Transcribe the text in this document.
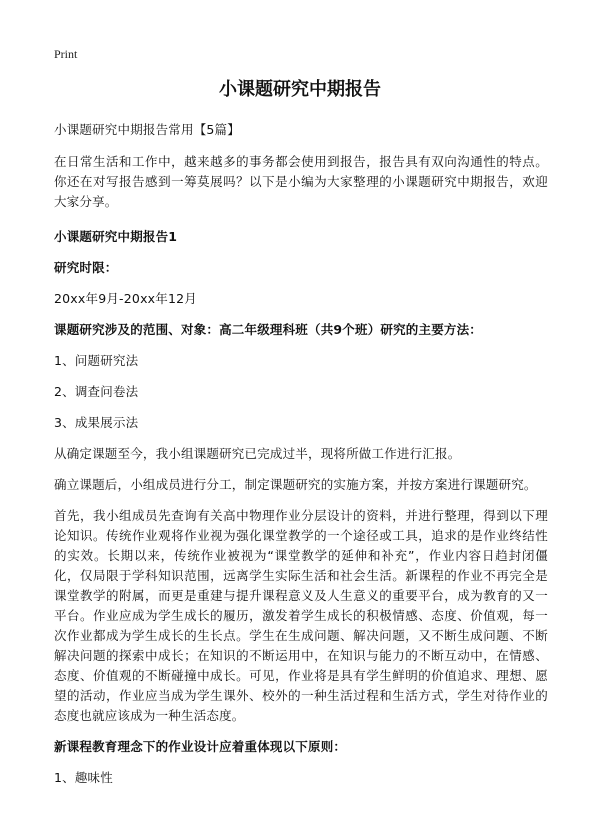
Print
小课题研究中期报告

小课题研究中期报告常用【5篇】

在日常生活和工作中，越来越多的事务都会使用到报告，报告具有双向沟通性的特点。你还在对写报告感到一筹莫展吗？以下是小编为大家整理的小课题研究中期报告，欢迎大家分享。

小课题研究中期报告1

研究时限：

20xx年9月-20xx年12月

课题研究涉及的范围、对象：高二年级理科班（共9个班）研究的主要方法：

1、问题研究法

2、调查问卷法

3、成果展示法

从确定课题至今，我小组课题研究已完成过半，现将所做工作进行汇报。

确立课题后，小组成员进行分工，制定课题研究的实施方案，并按方案进行课题研究。

首先，我小组成员先查询有关高中物理作业分层设计的资料，并进行整理，得到以下理论知识。传统作业观将作业视为强化课堂教学的一个途径或工具，追求的是作业终结性的实效。长期以来，传统作业被视为“课堂教学的延伸和补充”，作业内容日趋封闭僵化，仅局限于学科知识范围，远离学生实际生活和社会生活。新课程的作业不再完全是课堂教学的附属，而更是重建与提升课程意义及人生意义的重要平台，成为教育的又一平台。作业应成为学生成长的履历，激发着学生成长的积极情感、态度、价值观，每一次作业都成为学生成长的生长点。学生在生成问题、解决问题，又不断生成问题、不断解决问题的探索中成长；在知识的不断运用中，在知识与能力的不断互动中，在情感、态度、价值观的不断碰撞中成长。可见，作业将是具有学生鲜明的价值追求、理想、愿望的活动，作业应当成为学生课外、校外的一种生活过程和生活方式，学生对待作业的态度也就应该成为一种生活态度。

新课程教育理念下的作业设计应着重体现以下原则：

1、趣味性
